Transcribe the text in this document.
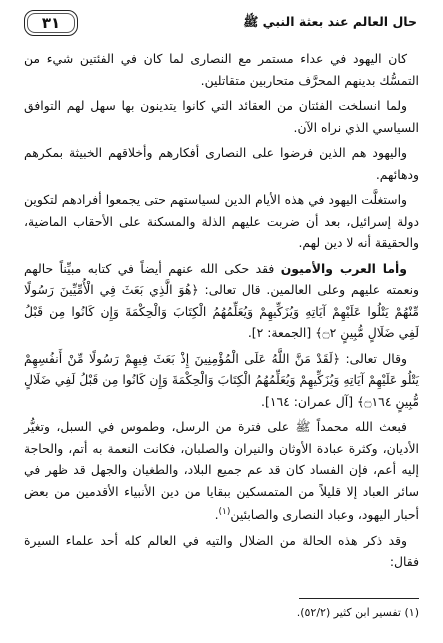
حال العالم عند بعثة النبي ﷺ
٣١

كان اليهود في عداء مستمر مع النصارى لما كان في الفئتين شيء من التمسُّك بدينهم المحرَّف متحاربين متقاتلين.

ولما انسلخت الفئتان من العقائد التي كانوا يتدينون بها سهل لهم التوافق السياسي الذي نراه الآن.

واليهود هم الذين فرضوا على النصارى أفكارهم وأخلاقهم الخبيثة بمكرهم ودهائهم.

واستغلَّت اليهود في هذه الأيام الدين لسياستهم حتى يجمعوا أفرادهم لتكوين دولة إسرائيل، بعد أن ضربت عليهم الذلة والمسكنة على الأحقاب الماضية، والحقيقة أنه لا دين لهم.

وأما العرب والأميون فقد حكى الله عنهم أيضاً في كتابه مبيِّناً حالهم ونعمته عليهم وعلى العالمين. قال تعالى: ﴿هُوَ الَّذِي بَعَثَ فِي الْأُمِّيِّينَ رَسُولًا مِّنْهُمْ يَتْلُوا عَلَيْهِمْ آيَاتِهِ وَيُزَكِّيهِمْ وَيُعَلِّمُهُمُ الْكِتَابَ وَالْحِكْمَةَ وَإِن كَانُوا مِن قَبْلُ لَفِي ضَلَالٍ مُّبِينٍ ۝٢﴾ [الجمعة: ٢].

وقال تعالى: ﴿لَقَدْ مَنَّ اللَّهُ عَلَى الْمُؤْمِنِينَ إِذْ بَعَثَ فِيهِمْ رَسُولًا مِّنْ أَنفُسِهِمْ يَتْلُو عَلَيْهِمْ آيَاتِهِ وَيُزَكِّيهِمْ وَيُعَلِّمُهُمُ الْكِتَابَ وَالْحِكْمَةَ وَإِن كَانُوا مِن قَبْلُ لَفِي ضَلَالٍ مُّبِينٍ ۝١٦٤﴾ [آل عمران: ١٦٤].

فبعث الله محمداً ﷺ على فترة من الرسل، وطموس في السبل، وتغيُّر الأديان، وكثرة عبادة الأوثان والنيران والصلبان، فكانت النعمة به أتم، والحاجة إليه أعم، فإن الفساد كان قد عم جميع البلاد، والطغيان والجهل قد ظهر في سائر العباد إلا قليلاً من المتمسكين ببقايا من دين الأنبياء الأقدمين من بعض أحبار اليهود، وعباد النصارى والصابئين$^{(١)}$.

وقد ذكر هذه الحالة من الضلال والتيه في العالم كله أحد علماء السيرة فقال:

(١) تفسير ابن كثير (٥٢/٢).
